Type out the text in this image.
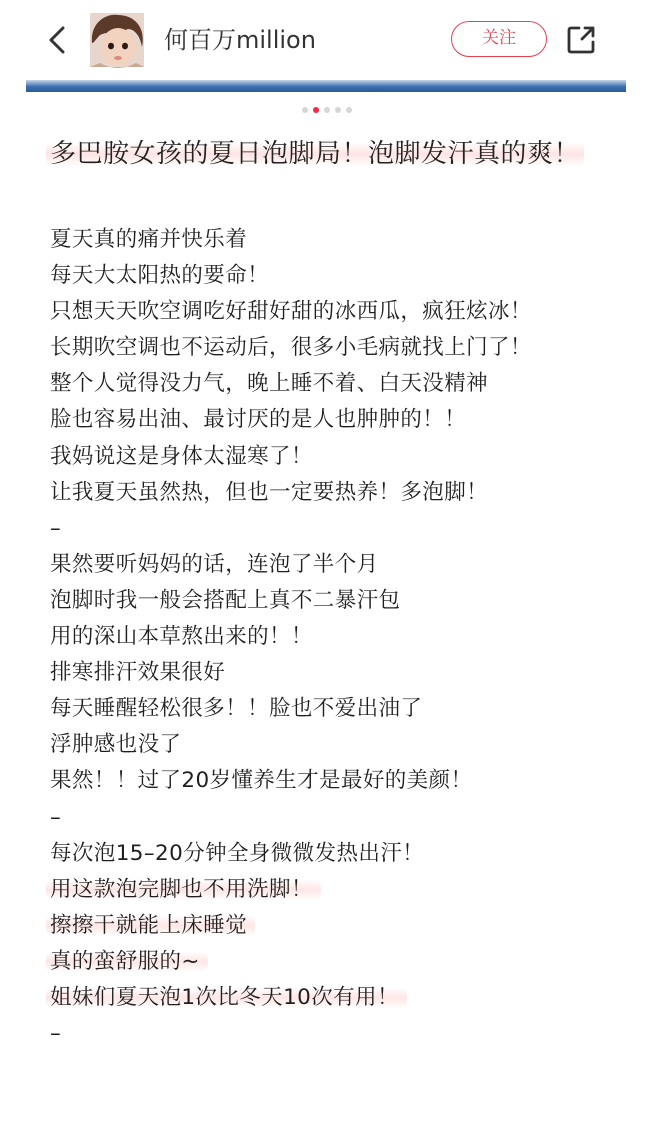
何百万million	关注
···················
多巴胺女孩的夏日泡脚局！泡脚发汗真的爽！
夏天真的痛并快乐着
每天大太阳热的要命！
只想天天吹空调吃好甜好甜的冰西瓜，疯狂炫冰！
长期吹空调也不运动后，很多小毛病就找上门了！
整个人觉得没力气，晚上睡不着、白天没精神
脸也容易出油、最讨厌的是人也肿肿的！！
我妈说这是身体太湿寒了！
让我夏天虽然热，但也一定要热养！多泡脚！
–
果然要听妈妈的话，连泡了半个月
泡脚时我一般会搭配上真不二暴汗包
用的深山本草熬出来的！！
排寒排汗效果很好
每天睡醒轻松很多！！脸也不爱出油了
浮肿感也没了
果然！！过了20岁懂养生才是最好的美颜！
–
每次泡15–20分钟全身微微发热出汗！
用这款泡完脚也不用洗脚！
擦擦干就能上床睡觉
真的蛮舒服的~
姐妹们夏天泡1次比冬天10次有用！
–
